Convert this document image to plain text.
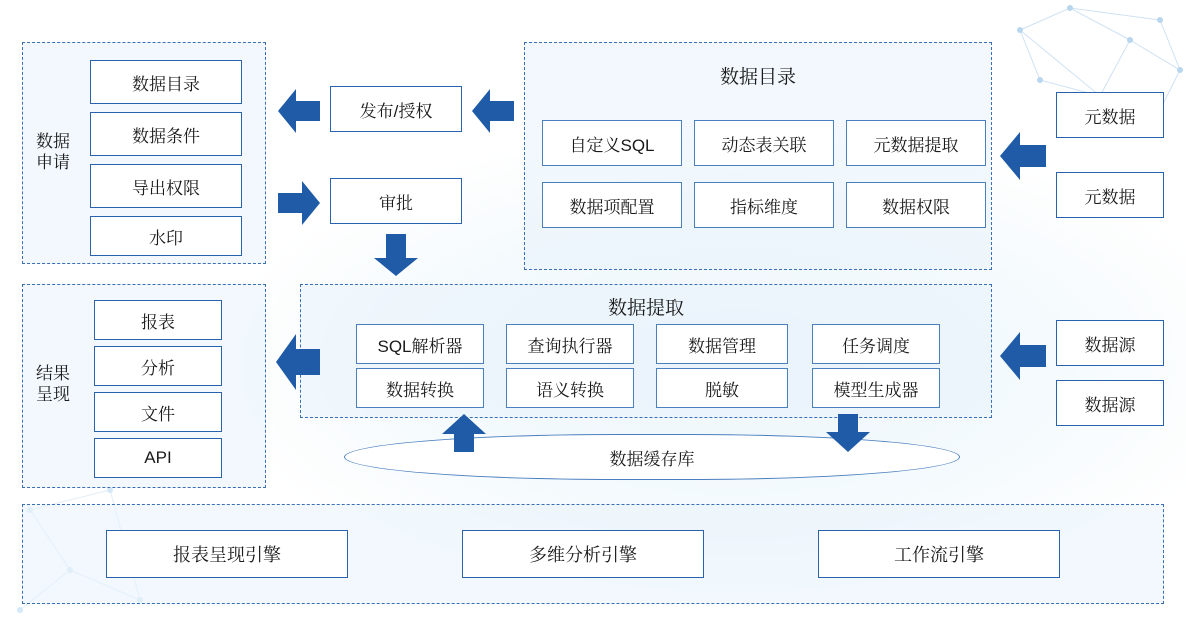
数据申请
数据目录
数据条件
导出权限
水印
发布/授权
审批
数据目录
自定义SQL	动态表关联	元数据提取
数据项配置	指标维度	数据权限
元数据
元数据
数据源
数据源
数据提取
SQL解析器	查询执行器	数据管理	任务调度
数据转换	语义转换	脱敏	模型生成器
结果呈现
报表
分析
文件
API	数据缓存库
报表呈现引擎	多维分析引擎	工作流引擎
